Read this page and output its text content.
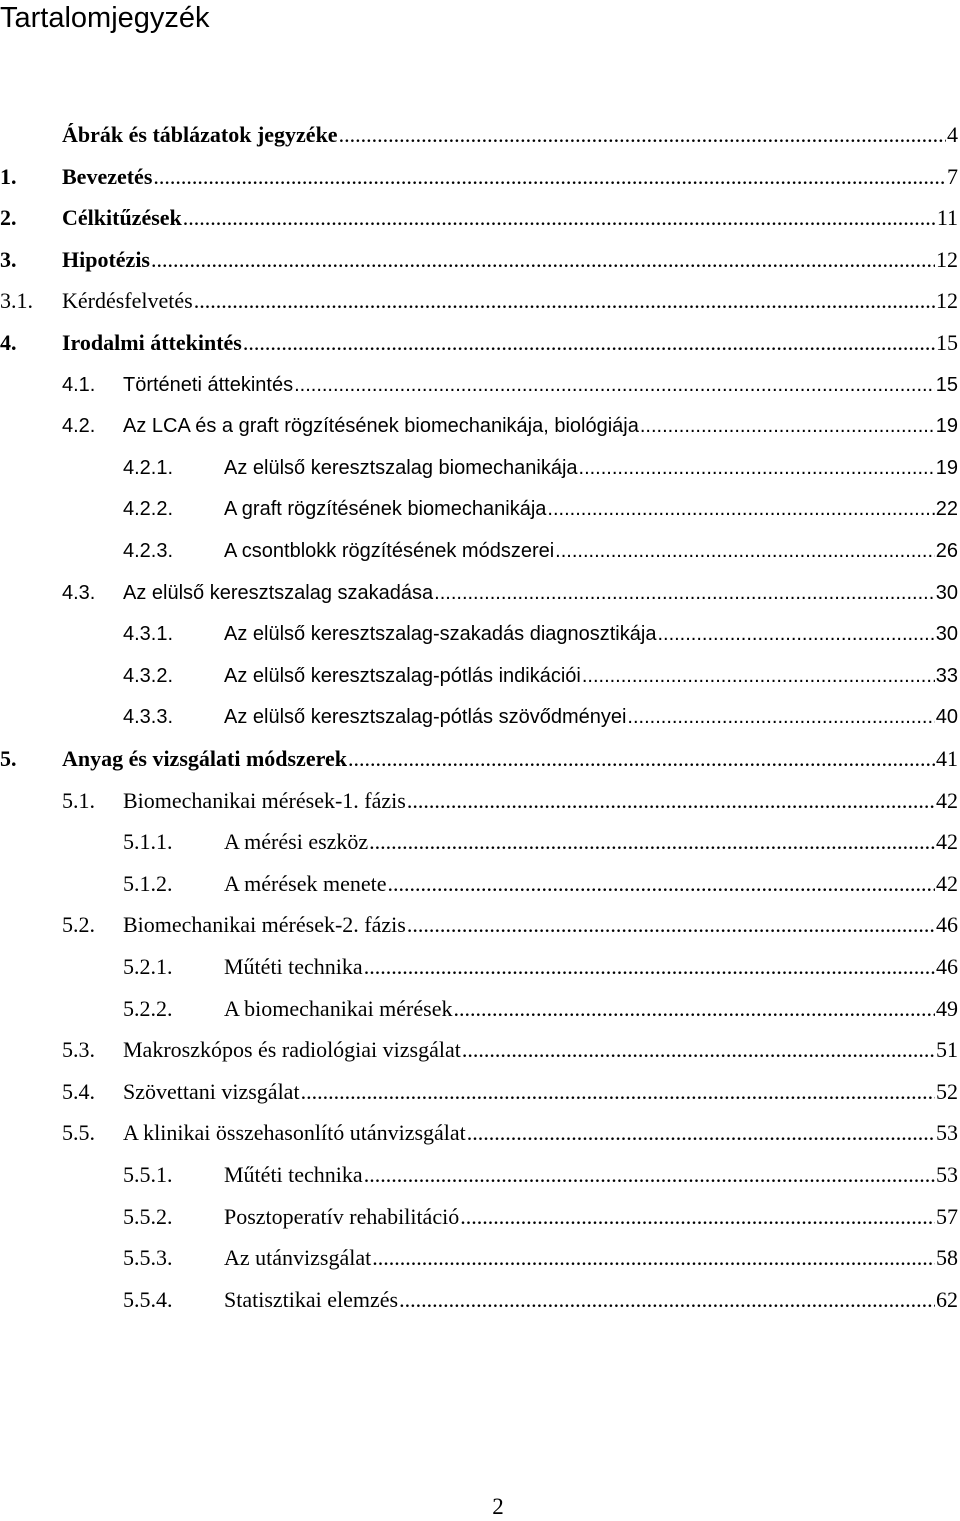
Tartalomjegyzék
Ábrák és táblázatok jegyzéke .....	4
1. Bevezetés .....	7
2. Célkitűzések .....	11
3. Hipotézis .....	12
3.1. Kérdésfelvetés .....	12
4. Irodalmi áttekintés .....	15
4.1. Történeti áttekintés .....	15
4.2. Az LCA és a graft rögzítésének biomechanikája, biológiája .....	19
4.2.1.	Az elülső keresztszalag biomechanikája .....	19
4.2.2.	A graft rögzítésének biomechanikája .....	22
4.2.3.	A csontblokk rögzítésének módszerei .....	26
4.3. Az elülső keresztszalag szakadása .....	30
4.3.1.	Az elülső keresztszalag-szakadás diagnosztikája .....	30
4.3.2.	Az elülső keresztszalag-pótlás indikációi .....	33
4.3.3.	Az elülső keresztszalag-pótlás szövődményei .....	40
5. Anyag és vizsgálati módszerek .....	41
5.1. Biomechanikai mérések-1. fázis .....	42
5.1.1. A mérési eszköz .....	42
5.1.2. A mérések menete .....	42
5.2. Biomechanikai mérések-2. fázis .....	46
5.2.1. Műtéti technika .....	46
5.2.2. A biomechanikai mérések .....	49
5.3. Makroszkópos és radiológiai vizsgálat .....	51
5.4. Szövettani vizsgálat .....	52
5.5. A klinikai összehasonlító utánvizsgálat .....	53
5.5.1. Műtéti technika .....	53
5.5.2. Posztoperatív rehabilitáció .....	57
5.5.3. Az utánvizsgálat .....	58
5.5.4. Statisztikai elemzés .....	62
2
